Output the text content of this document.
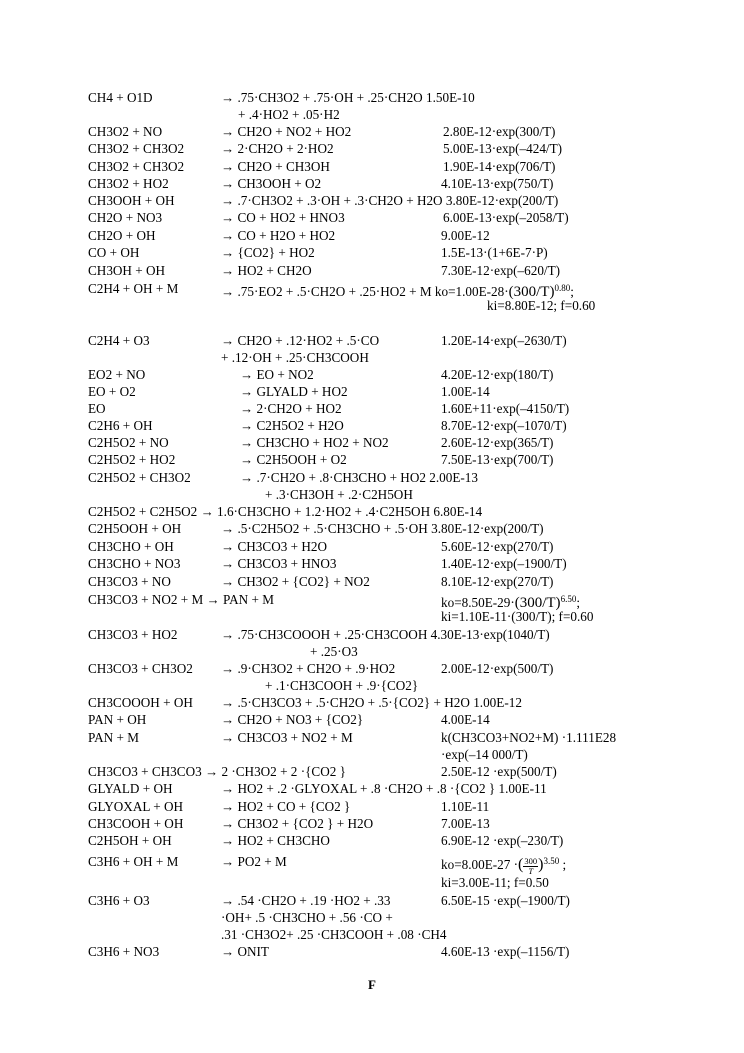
CH4 + O1D	→ .75·CH3O2 + .75·OH + .25·CH2O 1.50E-10
+ .4·HO2 + .05·H2
CH3O2 + NO	→ CH2O + NO2 + HO2	2.80E-12·exp(300/T)
CH3O2 + CH3O2	→ 2·CH2O + 2·HO2	5.00E-13·exp(–424/T)
CH3O2 + CH3O2	→ CH2O + CH3OH	1.90E-14·exp(706/T)
CH3O2 + HO2	→ CH3OOH + O2	4.10E-13·exp(750/T)
CH3OOH + OH	→ .7·CH3O2 + .3·OH + .3·CH2O + H2O 3.80E-12·exp(200/T)
CH2O + NO3	→ CO + HO2 + HNO3	6.00E-13·exp(–2058/T)
CH2O + OH	→ CO + H2O + HO2	9.00E-12
CO + OH	→ {CO2} + HO2	1.5E-13·(1+6E-7·P)
CH3OH + OH	→ HO2 + CH2O	7.30E-12·exp(–620/T)
C2H4 + OH + M	→ .75·EO2 + .5·CH2O + .25·HO2 + M $ko=1.00E-28\cdot(300/T)^{0.80}$;
ki=8.80E-12; f=0.60
C2H4 + O3	→ CH2O + .12·HO2 + .5·CO	1.20E-14·exp(–2630/T)
+ .12·OH + .25·CH3COOH
EO2 + NO	→ EO + NO2	4.20E-12·exp(180/T)
EO + O2	→ GLYALD + HO2	1.00E-14
EO	→ 2·CH2O + HO2	1.60E+11·exp(–4150/T)
C2H6 + OH	→ C2H5O2 + H2O	8.70E-12·exp(–1070/T)
C2H5O2 + NO	→ CH3CHO + HO2 + NO2	2.60E-12·exp(365/T)
C2H5O2 + HO2	→ C2H5OOH + O2	7.50E-13·exp(700/T)
C2H5O2 + CH3O2	→ .7·CH2O + .8·CH3CHO + HO2 2.00E-13
+ .3·CH3OH + .2·C2H5OH
C2H5O2 + C2H5O2 → 1.6·CH3CHO + 1.2·HO2 + .4·C2H5OH 6.80E-14
C2H5OOH + OH	→ .5·C2H5O2 + .5·CH3CHO + .5·OH 3.80E-12·exp(200/T)
CH3CHO + OH	→ CH3CO3 + H2O	5.60E-12·exp(270/T)
CH3CHO + NO3	→ CH3CO3 + HNO3	1.40E-12·exp(–1900/T)
CH3CO3 + NO	→ CH3O2 + {CO2} + NO2	8.10E-12·exp(270/T)
CH3CO3 + NO2 + M → PAN + M	$ko=8.50E-29\cdot(300/T)^{6.50}$;
ki=1.10E-11·(300/T); f=0.60
CH3CO3 + HO2	→ .75·CH3COOOH + .25·CH3COOH 4.30E-13·exp(1040/T)
+ .25·O3
CH3CO3 + CH3O2 → .9·CH3O2 + CH2O + .9·HO2	2.00E-12·exp(500/T)
+ .1·CH3COOH + .9·{CO2}
CH3COOOH + OH → .5·CH3CO3 + .5·CH2O + .5·{CO2} + H2O 1.00E-12
PAN + OH	→ CH2O + NO3 + {CO2}	4.00E-14
PAN + M	→ CH3CO3 + NO2 + M	k(CH3CO3+NO2+M) ·1.111E28
·exp(–14 000/T)
CH3CO3 + CH3CO3 → 2 ·CH3O2 + 2 ·{CO2 }	2.50E-12 ·exp(500/T)
GLYALD + OH	→ HO2 + .2 ·GLYOXAL + .8 ·CH2O + .8 ·{CO2 } 1.00E-11
GLYOXAL + OH	→ HO2 + CO + {CO2 }	1.10E-11
CH3COOH + OH	→ CH3O2 + {CO2 } + H2O	7.00E-13
C2H5OH + OH	→ HO2 + CH3CHO	6.90E-12 ·exp(–230/T)
C3H6 + OH + M	→ PO2 + M	ko=8.00E-27 ·( $\frac{300}{T} )^{3.50}$ ;
ki=3.00E-11; f=0.50
C3H6 + O3	→ .54 ·CH2O + .19 ·HO2 + .33	6.50E-15 ·exp(–1900/T)
·OH+ .5 ·CH3CHO + .56 ·CO +
.31 ·CH3O2+ .25 ·CH3COOH + .08 ·CH4
C3H6 + NO3	→ ONIT	4.60E-13 ·exp(–1156/T)
F
